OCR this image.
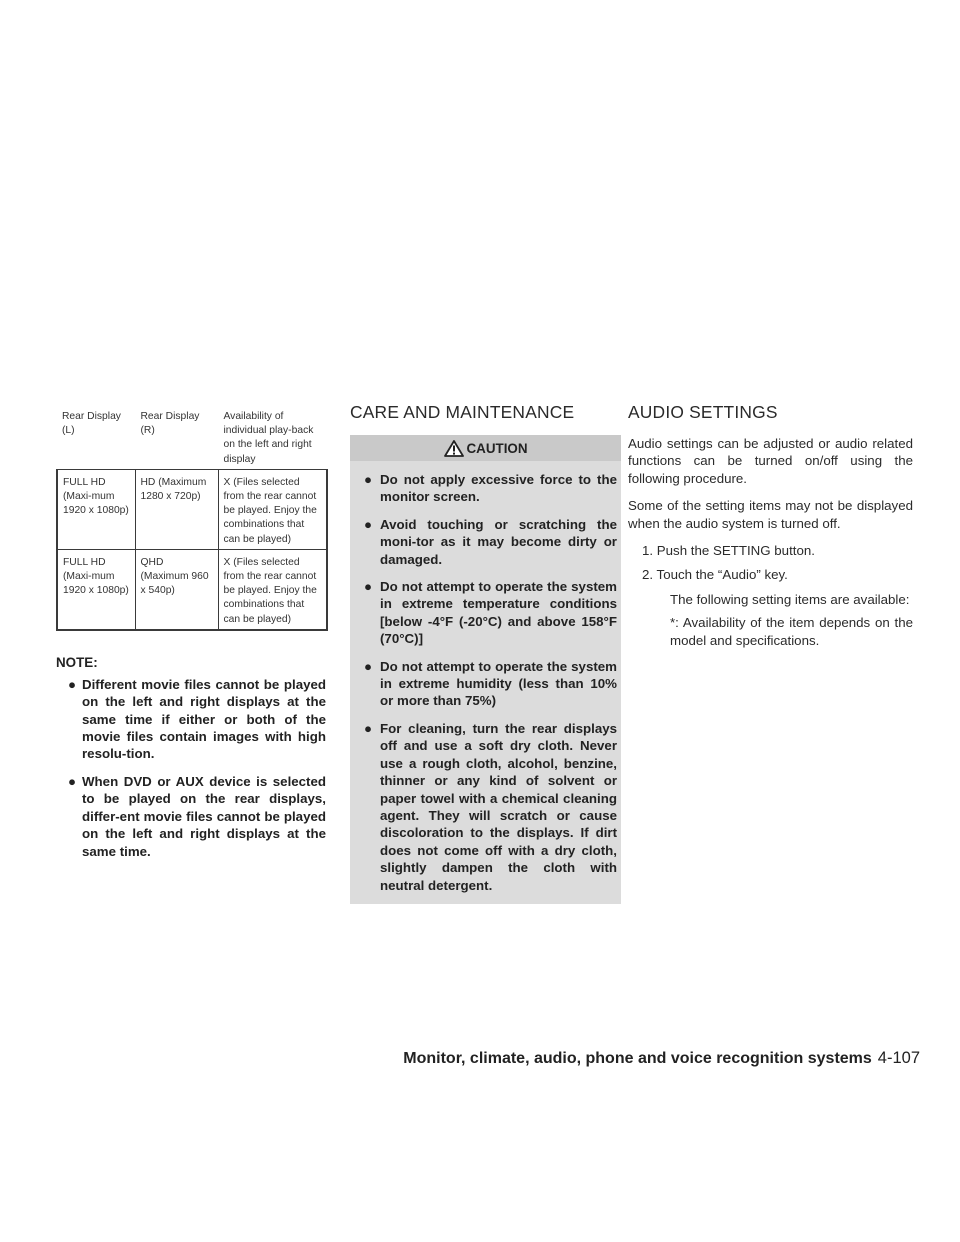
Rear Display (L)	Rear Display (R)	Availability of individual play-back on the left and right display
FULL HD (Maxi-mum 1920 x 1080p)	HD (Maximum 1280 x 720p)	X (Files selected from the rear cannot be played. Enjoy the combinations that can be played)
FULL HD (Maxi-mum 1920 x 1080p)	QHD (Maximum 960 x 540p)	X (Files selected from the rear cannot be played. Enjoy the combinations that can be played)
NOTE:
● Different movie files cannot be played on the left and right displays at the same time if either or both of the movie files contain images with high resolu-tion.
● When DVD or AUX device is selected to be played on the rear displays, differ-ent movie files cannot be played on the left and right displays at the same time.
CARE AND MAINTENANCE
CAUTION
● Do not apply excessive force to the monitor screen.
● Avoid touching or scratching the moni-tor as it may become dirty or damaged.
● Do not attempt to operate the system in extreme temperature conditions [below -4°F (-20°C) and above 158°F (70°C)]
● Do not attempt to operate the system in extreme humidity (less than 10% or more than 75%)
● For cleaning, turn the rear displays off and use a soft dry cloth. Never use a rough cloth, alcohol, benzine, thinner or any kind of solvent or paper towel with a chemical cleaning agent. They will scratch or cause discoloration to the displays. If dirt does not come off with a dry cloth, slightly dampen the cloth with neutral detergent.
AUDIO SETTINGS

Audio settings can be adjusted or audio related functions can be turned on/off using the following procedure.

Some of the setting items may not be displayed when the audio system is turned off.

1. Push the SETTING button.
2. Touch the “Audio” key.
The following setting items are available:
*: Availability of the item depends on the model and specifications.
Monitor, climate, audio, phone and voice recognition systems 4-107
